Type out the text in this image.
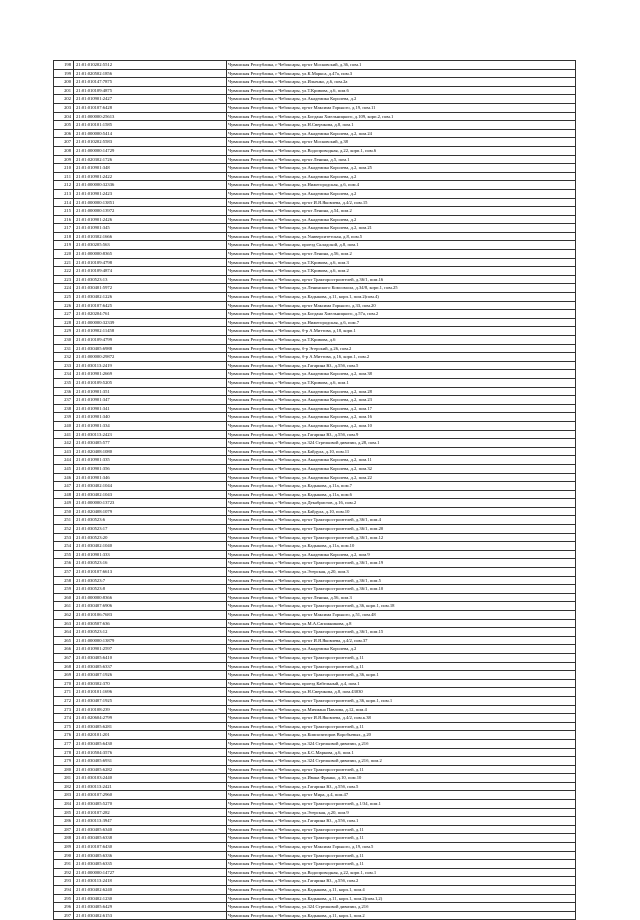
198	21:01:010202:5512	Чувашская Республика, г Чебоксары, пр-кт Московский, д.36, пом.1
199	21:01:020502:1856	Чувашская Республика, г Чебоксары, ул.К.Маркса, д.47а, пом.3
200	21:01:010147:7875	Чувашская Республика, г Чебоксары, ул.Ильенко, д.6, пом.2а
201	21:01:010109:4875	Чувашская Республика, г Чебоксары, ул.Т.Кривова, д.6, пом.6
202	21:01:010901:2427	Чувашская Республика, г Чебоксары, ул.Академика Королева, д.2
203	21:01:010107:6428	Чувашская Республика, г Чебоксары, пр-кт Максима Горького, д.19, пом.11
204	21:01:000000:25613	Чувашская Республика, г Чебоксары, ул.Богдана Хмельницкого, д.109, корп.2, пом.1
205	21:01:010101:1585	Чувашская Республика, г Чебоксары, ул.Н.Сверчкова, д.8, пом.1
206	21:01:000000:5414	Чувашская Республика, г Чебоксары, ул.Академика Королева, д.2, пом.24
207	21:01:010202:5583	Чувашская Республика, г Чебоксары, пр-кт Московский, д.38
208	21:01:000000:14729	Чувашская Республика, г Чебоксары, ул.Водопроводная, д.22, корп.1, пом.6
209	21:01:020302:1726	Чувашская Республика, г Чебоксары, пр-кт Ленина, д.5, пом.1
210	21:01:010901:348	Чувашская Республика, г Чебоксары, ул.Академика Королева, д.2, пом.25
211	21:01:010901:2422	Чувашская Республика, г Чебоксары, ул.Академика Королева, д.2
212	21:01:000000:32336	Чувашская Республика, г Чебоксары, ул.Нижегородская, д.6, пом.4
213	21:01:010901:2423	Чувашская Республика, г Чебоксары, ул.Академика Королева, д.2
214	21:01:000000:13851	Чувашская Республика, г Чебоксары, пр-кт И.Я.Яковлева, д.4/2, пом.15
215	21:01:000000:13972	Чувашская Республика, г Чебоксары, пр-кт Ленина, д.54, пом.2
216	21:01:010901:2426	Чувашская Республика, г Чебоксары, ул.Академика Королева, д.2
217	21:01:010901:345	Чувашская Республика, г Чебоксары, ул.Академика Королева, д.2, пом.21
218	21:01:010302:1666	Чувашская Республика, г Чебоксары, ул.Университетская, д.8, пом.5
219	21:01:030205:563	Чувашская Республика, г Чебоксары, проезд Складской, д.8, пом.1
220	21:01:000000:8365	Чувашская Республика, г Чебоксары, пр-кт Ленина, д.56, пом.2
221	21:01:010109:4798	Чувашская Республика, г Чебоксары, ул.Т.Кривова, д.6, пом.3
222	21:01:010109:4874	Чувашская Республика, г Чебоксары, ул.Т.Кривова, д.6, пом.2
223	21:01:030523:13	Чувашская Республика, г Чебоксары, пр-кт Тракторостроителей, д.36/1, пом.16
224	21:01:030401:5972	Чувашская Республика, г Чебоксары, ул.Ленинского Комсомола, д.34/8, корп.1, пом.25
225	21:01:030402:1226	Чувашская Республика, г Чебоксары, ул.Кадыкова, д.11, корп.1, пом.2(пом.4)
226	21:01:010107:6425	Чувашская Республика, г Чебоксары, пр-кт Максима Горького, д.33, пом.20
227	21:01:020204:761	Чувашская Республика, г Чебоксары, ул.Богдана Хмельницкого, д.57а, пом.2
228	21:01:000000:32339	Чувашская Республика, г Чебоксары, ул.Нижегородская, д.6, пом.7
229	21:01:010902:11458	Чувашская Республика, г Чебоксары, б-р А.Миттова, д.18, корп.1
230	21:01:010109:4799	Чувашская Республика, г Чебоксары, ул.Т.Кривова, д.6
231	21:01:030405:6988	Чувашская Республика, г Чебоксары, б-р Эгерский, д.26, пом.2
232	21:01:000000:29872	Чувашская Республика, г Чебоксары, б-р А.Миттова, д.16, корп.1, пом.2
233	21:01:030113:2419	Чувашская Республика, г Чебоксары, ул.Гагарина Ю., д.55б, пом.5
234	21:01:010901:2669	Чувашская Республика, г Чебоксары, ул.Академика Королева, д.2, пом.38
235	21:01:010109:5205	Чувашская Республика, г Чебоксары, ул.Т.Кривова, д.6, пом.1
236	21:01:010901:351	Чувашская Республика, г Чебоксары, ул.Академика Королева, д.2, пом.28
237	21:01:010901:347	Чувашская Республика, г Чебоксары, ул.Академика Королева, д.2, пом.23
238	21:01:010901:341	Чувашская Республика, г Чебоксары, ул.Академика Королева, д.2, пом.17
239	21:01:010901:340	Чувашская Республика, г Чебоксары, ул.Академика Королева, д.2, пом.16
240	21:01:010901:334	Чувашская Республика, г Чебоксары, ул.Академика Королева, д.2, пом.10
241	21:01:030113:2423	Чувашская Республика, г Чебоксары, ул.Гагарина Ю., д.55б, пом.9
242	21:01:030405:577	Чувашская Республика, г Чебоксары, ул.324 Стрелковой дивизии, д.28, пом.1
243	21:01:020408:1080	Чувашская Республика, г Чебоксары, ул.Байдула, д.10, пом.11
244	21:01:010901:335	Чувашская Республика, г Чебоксары, ул.Академика Королева, д.2, пом.11
245	21:01:010901:356	Чувашская Республика, г Чебоксары, ул.Академика Королева, д.2, пом.32
246	21:01:010901:346	Чувашская Республика, г Чебоксары, ул.Академика Королева, д.2, пом.22
247	21:01:030402:1044	Чувашская Республика, г Чебоксары, ул.Кадыкова, д.11а, пом.7
248	21:01:030402:1043	Чувашская Республика, г Чебоксары, ул.Кадыкова, д.11а, пом.6
249	21:01:000000:13723	Чувашская Республика, г Чебоксары, ул.Декабристов, д.16, пом.2
250	21:01:020408:1079	Чувашская Республика, г Чебоксары, ул.Байдула, д.10, пом.10
251	21:01:030523:6	Чувашская Республика, г Чебоксары, пр-кт Тракторостроителей, д.36/1, пом.4
252	21:01:030523:17	Чувашская Республика, г Чебоксары, пр-кт Тракторостроителей, д.36/1, пом.20
253	21:01:030523:20	Чувашская Республика, г Чебоксары, пр-кт Тракторостроителей, д.36/1, пом.12
254	21:01:030402:1040	Чувашская Республика, г Чебоксары, ул.Кадыкова, д.11а, пом.10
255	21:01:010901:333	Чувашская Республика, г Чебоксары, ул.Академика Королева, д.2, пом.9
256	21:01:030523:16	Чувашская Республика, г Чебоксары, пр-кт Тракторостроителей, д.36/1, пом.19
257	21:01:010107:6613	Чувашская Республика, г Чебоксары, ул.Эгерская, д.20, пом.3
258	21:01:030523:7	Чувашская Республика, г Чебоксары, пр-кт Тракторостроителей, д.36/1, пом.5
259	21:01:030523:8	Чувашская Республика, г Чебоксары, пр-кт Тракторостроителей, д.36/1, пом.10
260	21:01:000000:8366	Чувашская Республика, г Чебоксары, пр-кт Ленина, д.56, пом.3
261	21:01:030407:6906	Чувашская Республика, г Чебоксары, пр-кт Тракторостроителей, д.36, корп.1, пом.18
262	21:01:010106:7683	Чувашская Республика, г Чебоксары, пр-кт Максима Горького, д.51, пом.48
263	21:01:030507:636	Чувашская Республика, г Чебоксары, ул.М.А.Сапожникова, д.8
264	21:01:030523:12	Чувашская Республика, г Чебоксары, пр-кт Тракторостроителей, д.36/1, пом.15
265	21:01:000000:13879	Чувашская Республика, г Чебоксары, пр-кт И.Я.Яковлева, д.4/2, пом.37
266	21:01:010901:2597	Чувашская Республика, г Чебоксары, ул.Академика Королева, д.2
267	21:01:030405:6410	Чувашская Республика, г Чебоксары, пр-кт Тракторостроителей, д.11
268	21:01:030405:6337	Чувашская Республика, г Чебоксары, пр-кт Тракторостроителей, д.11
269	21:01:030407:1926	Чувашская Республика, г Чебоксары, пр-кт Тракторостроителей, д.36, корп.1
270	21:01:030302:370	Чувашская Республика, г Чебоксары, проезд Кабельный, д.4, пом.1
271	21:01:010101:1696	Чувашская Республика, г Чебоксары, ул.Н.Сверчкова, д.8, пом.43030
272	21:01:030407:1925	Чувашская Республика, г Чебоксары, пр-кт Тракторостроителей, д.36, корп.1, пом.1
273	21:01:010108:239	Чувашская Республика, г Чебоксары, ул.Мичмана Павлова, д.12, пом.4
274	21:01:020604:2799	Чувашская Республика, г Чебоксары, пр-кт И.Я.Яковлева, д.4/2, пом.к.38
275	21:01:030405:6281	Чувашская Республика, г Чебоксары, пр-кт Тракторостроителей, д.11
276	21:01:020101:201	Чувашская Республика, г Чебоксары, ул.Композиторов Воробьевых, д.20
277	21:01:030405:6430	Чувашская Республика, г Чебоксары, ул.324 Стрелковой дивизии, д.21б
278	21:01:010504:3576	Чувашская Республика, г Чебоксары, ул.Б.С.Маркова, д.6, пом.1
279	21:01:030405:6931	Чувашская Республика, г Чебоксары, ул.324 Стрелковой дивизии, д.21б, пом.2
280	21:01:030405:6282	Чувашская Республика, г Чебоксары, пр-кт Тракторостроителей, д.11
281	21:01:030103:2440	Чувашская Республика, г Чебоксары, ул.Ивана Франко, д.10, пом.10
282	21:01:030113:2421	Чувашская Республика, г Чебоксары, ул.Гагарина Ю., д.55б, пом.5
283	21:01:030107:2960	Чувашская Республика, г Чебоксары, пр-кт Мира, д.4, пом.47
284	21:01:030405:5270	Чувашская Республика, г Чебоксары, пр-кт Тракторостроителей, д.1/34, пом.1
285	21:01:010107:282	Чувашская Республика, г Чебоксары, ул.Эгерская, д.20, пом.9
286	21:01:030113:3947	Чувашская Республика, г Чебоксары, ул.Гагарина Ю., д.55б, пом.1
287	21:01:030405:6340	Чувашская Республика, г Чебоксары, пр-кт Тракторостроителей, д.11
288	21:01:030405:6338	Чувашская Республика, г Чебоксары, пр-кт Тракторостроителей, д.11
289	21:01:010107:6430	Чувашская Республика, г Чебоксары, пр-кт Максима Горького, д.19, пом.5
290	21:01:030405:6336	Чувашская Республика, г Чебоксары, пр-кт Тракторостроителей, д.11
291	21:01:030405:6335	Чувашская Республика, г Чебоксары, пр-кт Тракторостроителей, д.11
292	21:01:000000:14727	Чувашская Республика, г Чебоксары, ул.Водопроводная, д.22, корп.1, пом.1
293	21:01:030113:2418	Чувашская Республика, г Чебоксары, ул.Гагарина Ю., д.55б, пом.2
294	21:01:030402:6240	Чувашская Республика, г Чебоксары, ул.Кадыкова, д.11, корп.1, пом.4
295	21:01:030402:1230	Чувашская Республика, г Чебоксары, ул.Кадыкова, д.11, корп.1, пом.2(пом.1,2)
296	21:01:030405:6429	Чувашская Республика, г Чебоксары, ул.324 Стрелковой дивизии, д.21б
297	21:01:030402:6153	Чувашская Республика, г Чебоксары, ул.Кадыкова, д.11, корп.1, пом.2
